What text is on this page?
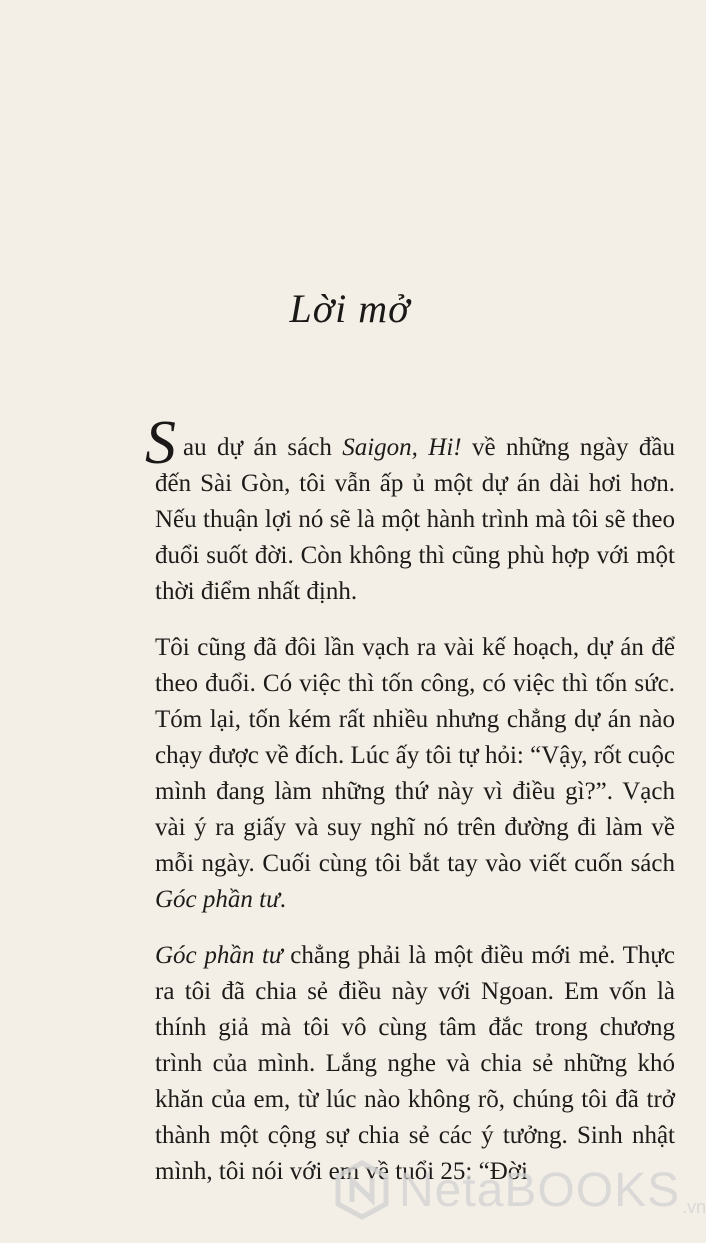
Lời mở

S au dự án sách Saigon, Hi! về những ngày đầu đến Sài Gòn, tôi vẫn ấp ủ một dự án dài hơi hơn. Nếu thuận lợi nó sẽ là một hành trình mà tôi sẽ theo đuổi suốt đời. Còn không thì cũng phù hợp với một thời điểm nhất định.

Tôi cũng đã đôi lần vạch ra vài kế hoạch, dự án để theo đuổi. Có việc thì tốn công, có việc thì tốn sức. Tóm lại, tốn kém rất nhiều nhưng chẳng dự án nào chạy được về đích. Lúc ấy tôi tự hỏi: “Vậy, rốt cuộc mình đang làm những thứ này vì điều gì?”. Vạch vài ý ra giấy và suy nghĩ nó trên đường đi làm về mỗi ngày. Cuối cùng tôi bắt tay vào viết cuốn sách Góc phần tư.

Góc phần tư chẳng phải là một điều mới mẻ. Thực ra tôi đã chia sẻ điều này với Ngoan. Em vốn là thính giả mà tôi vô cùng tâm đắc trong chương trình của mình. Lắng nghe và chia sẻ những khó khăn của em, từ lúc nào không rõ, chúng tôi đã trở thành một cộng sự chia sẻ các ý tưởng. Sinh nhật mình, tôi nói với em về tuổi 25: “Đời

NetaBOOKS .vn
